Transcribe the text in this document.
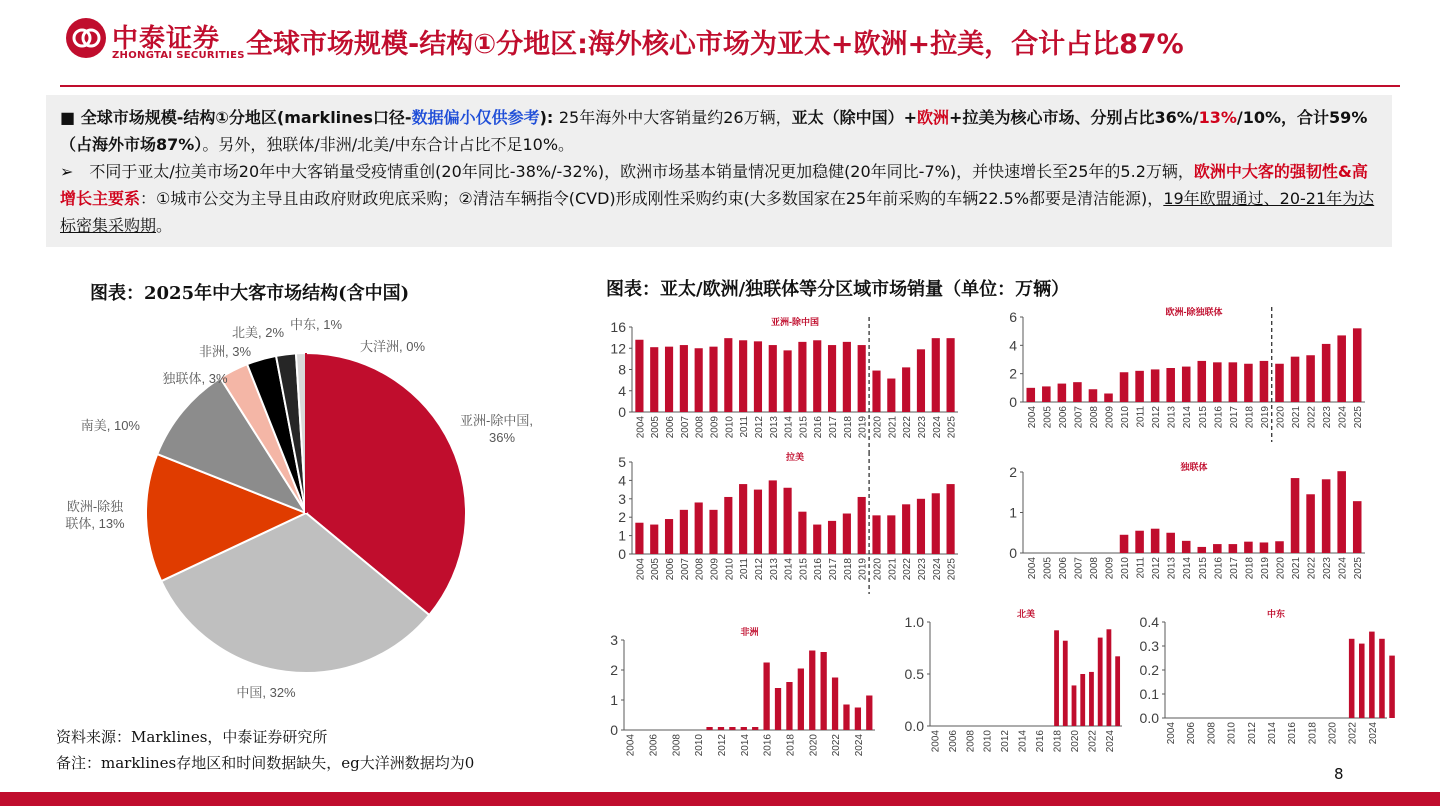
中泰证券
ZHONGTAI SECURITIES 全球市场规模-结构①分地区:海外核心市场为亚太+欧洲+拉美，合计占比87%
■ 全球市场规模-结构①分地区(marklines口径-数据偏小仅供参考): 25年海外中大客销量约26万辆，亚太（除中国）+欧洲+拉美为核心市场、分别占比36%/13%/10%，合计59%（占海外市场87%）。另外，独联体/非洲/北美/中东合计占比不足10%。
➢　不同于亚太/拉美市场20年中大客销量受疫情重创(20年同比-38%/-32%)，欧洲市场基本销量情况更加稳健(20年同比-7%)，并快速增长至25年的5.2万辆，欧洲中大客的强韧性&高增长主要系：①城市公交为主导且由政府财政兜底采购；②清洁车辆指令(CVD)形成刚性采购约束(大多数国家在25年前采购的车辆22.5%都要是清洁能源)，19年欧盟通过、20-21年为达标密集采购期。
图表：2025年中大客市场结构(含中国)	图表：亚太/欧洲/独联体等分区域市场销量（单位：万辆）
亚洲-除中国, 36%
中国, 32%
欧洲-除独联体, 13%
南美, 10%
独联体, 3%
非洲, 3%
北美, 2%
中东, 1%
大洋洲, 0%
亚洲-除中国
0
4
8
12
16
2004 2005 2006 2007 2008 2009 2010 2011 2012 2013 2014 2015 2016 2017 2018 2019 2020 2021 2022 2023 2024 2025
欧洲-除独联体
0
2
4
6
2004 2005 2006 2007 2008 2009 2010 2011 2012 2013 2014 2015 2016 2017 2018 2019 2020 2021 2022 2023 2024 2025
拉美
0
1
2
3
4
5
2004 2005 2006 2007 2008 2009 2010 2011 2012 2013 2014 2015 2016 2017 2018 2019 2020 2021 2022 2023 2024 2025
独联体
0
1
2
2004 2005 2006 2007 2008 2009 2010 2011 2012 2013 2014 2015 2016 2017 2018 2019 2020 2021 2022 2023 2024 2025
非洲
0
1
2
3
2004 2006 2008 2010 2012 2014 2016 2018 2020 2022 2024
北美
0.0
0.5
1.0
2004 2006 2008 2010 2012 2014 2016 2018 2020 2022 2024
中东
0.0
0.1
0.2
0.3
0.4
2004 2006 2008 2010 2012 2014 2016 2018 2020 2022 2024
资料来源：Marklines，中泰证券研究所
备注：marklines存地区和时间数据缺失，eg大洋洲数据均为0
8
